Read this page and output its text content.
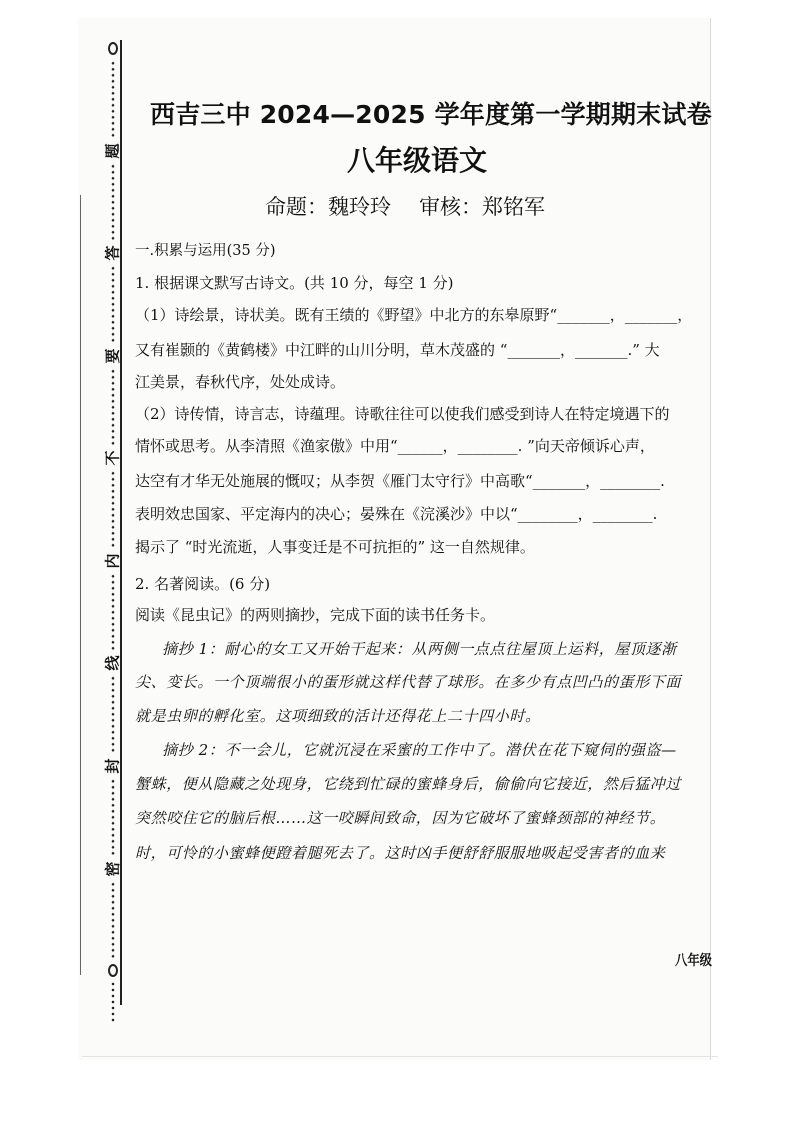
题
答
要
不
内
线
封
密
西吉三中 2024—2025 学年度第一学期期末试卷
八年级语文
命题：魏玲玲 审核：郑铭军
一.积累与运用(35 分)
1. 根据课文默写古诗文。(共 10 分，每空 1 分)
（1）诗绘景，诗状美。既有王绩的《野望》中北方的东皋原野“_______，_______，
又有崔颢的《黄鹤楼》中江畔的山川分明，草木茂盛的 “_______，_______.” 大
江美景，春秋代序，处处成诗。
（2）诗传情，诗言志，诗蕴理。诗歌往往可以使我们感受到诗人在特定境遇下的
情怀或思考。从李清照《渔家傲》中用“______，________. ”向天帝倾诉心声，
达空有才华无处施展的慨叹；从李贺《雁门太守行》中高歌“_______，________.
表明效忠国家、平定海内的决心；晏殊在《浣溪沙》中以“________，________.
揭示了 “时光流逝，人事变迁是不可抗拒的” 这一自然规律。
2. 名著阅读。(6 分)
阅读《昆虫记》的两则摘抄，完成下面的读书任务卡。
摘抄 1：耐心的女工又开始干起来：从两侧一点点往屋顶上运料，屋顶逐渐
尖、变长。一个顶端很小的蛋形就这样代替了球形。在多少有点凹凸的蛋形下面
就是虫卵的孵化室。这项细致的活计还得花上二十四小时。
摘抄 2：不一会儿，它就沉浸在采蜜的工作中了。潜伏在花下窥伺的强盗—
蟹蛛，便从隐藏之处现身，它绕到忙碌的蜜蜂身后，偷偷向它接近，然后猛冲过
突然咬住它的脑后根……这一咬瞬间致命，因为它破坏了蜜蜂颈部的神经节。
时，可怜的小蜜蜂便蹬着腿死去了。这时凶手便舒舒服服地吸起受害者的血来
八年级
